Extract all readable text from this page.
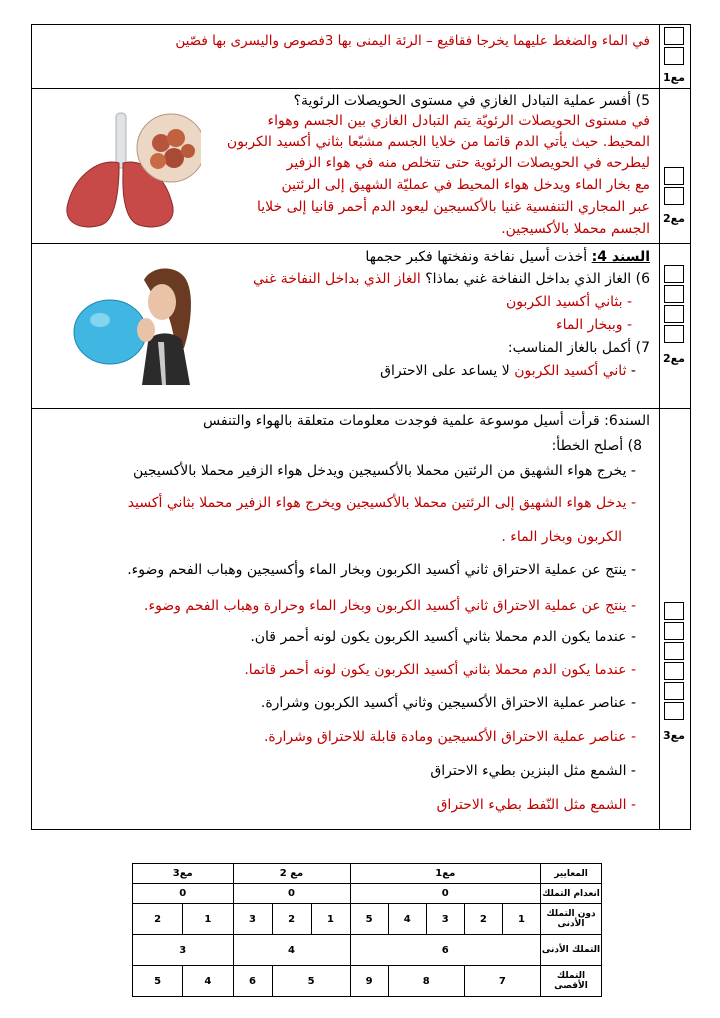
في الماء والضغط عليهما يخرجا فقاقيع – الرئة اليمنى بها 3فصوص واليسرى بها فصّين
مع1
5) أفسر عملية التبادل الغازي في مستوى الحويصلات الرئوية؟
في مستوى الحويصلات الرئويّة يتم التبادل الغازي بين الجسم وهواء
المحيط. حيث يأتي الدم قاتما من خلايا الجسم مشبّعا بثاني أكسيد الكربون
ليطرحه في الحويصلات الرئوية حتى تتخلص منه في هواء الزفير
مع بخار الماء ويدخل هواء المحيط في عمليّة الشهيق إلى الرئتين
عبر المجاري التنفسية غنيا بالأكسيجين ليعود الدم أحمر قانيا إلى خلايا
الجسم محملا بالأكسيجين.
مع2
السند 4: أخذت أسيل نفاخة ونفختها فكبر حجمها
6) الغاز الذي بداخل النفاخة غني بماذا؟ الغاز الذي بداخل النفاخة غني
- بثاني أكسيد الكربون
- وببخار الماء
7) أكمل بالغاز المناسب:
- ثاني أكسيد الكربون لا يساعد على الاحتراق
مع2
السند6: قرأت أسيل موسوعة علمية فوجدت معلومات متعلقة بالهواء والتنفس
8) أصلح الخطأ:
- يخرج هواء الشهيق من الرئتين محملا بالأكسيجين ويدخل هواء الزفير محملا بالأكسيجين
- يدخل هواء الشهيق إلى الرئتين محملا بالأكسيجين ويخرج هواء الزفير محملا بثاني أكسيد
الكربون وبخار الماء .
- ينتج عن عملية الاحتراق ثاني أكسيد الكربون وبخار الماء وأكسيجين وهباب الفحم وضوء.
- ينتج عن عملية الاحتراق ثاني أكسيد الكربون وبخار الماء وحرارة وهباب الفحم وضوء.
- عندما يكون الدم محملا بثاني أكسيد الكربون يكون لونه أحمر قان.
- عندما يكون الدم محملا بثاني أكسيد الكربون يكون لونه أحمر قاتما.
- عناصر عملية الاحتراق الأكسيجين وثاني أكسيد الكربون وشرارة.
- عناصر عملية الاحتراق الأكسيجين ومادة قابلة للاحتراق وشرارة.
- الشمع مثل البنزين بطيء الاحتراق
- الشمع مثل النّفط بطيء الاحتراق
مع3
المعايير	مع1					مع 2			مع3	
انعدام التملك	0					0			0	
دون التملك الأدنى	1	2	3	4	5	1	2	3	1	2
التملك الأدنى	6					4			3	
التملك الأقصى	7		8		9	5		6	4	5
